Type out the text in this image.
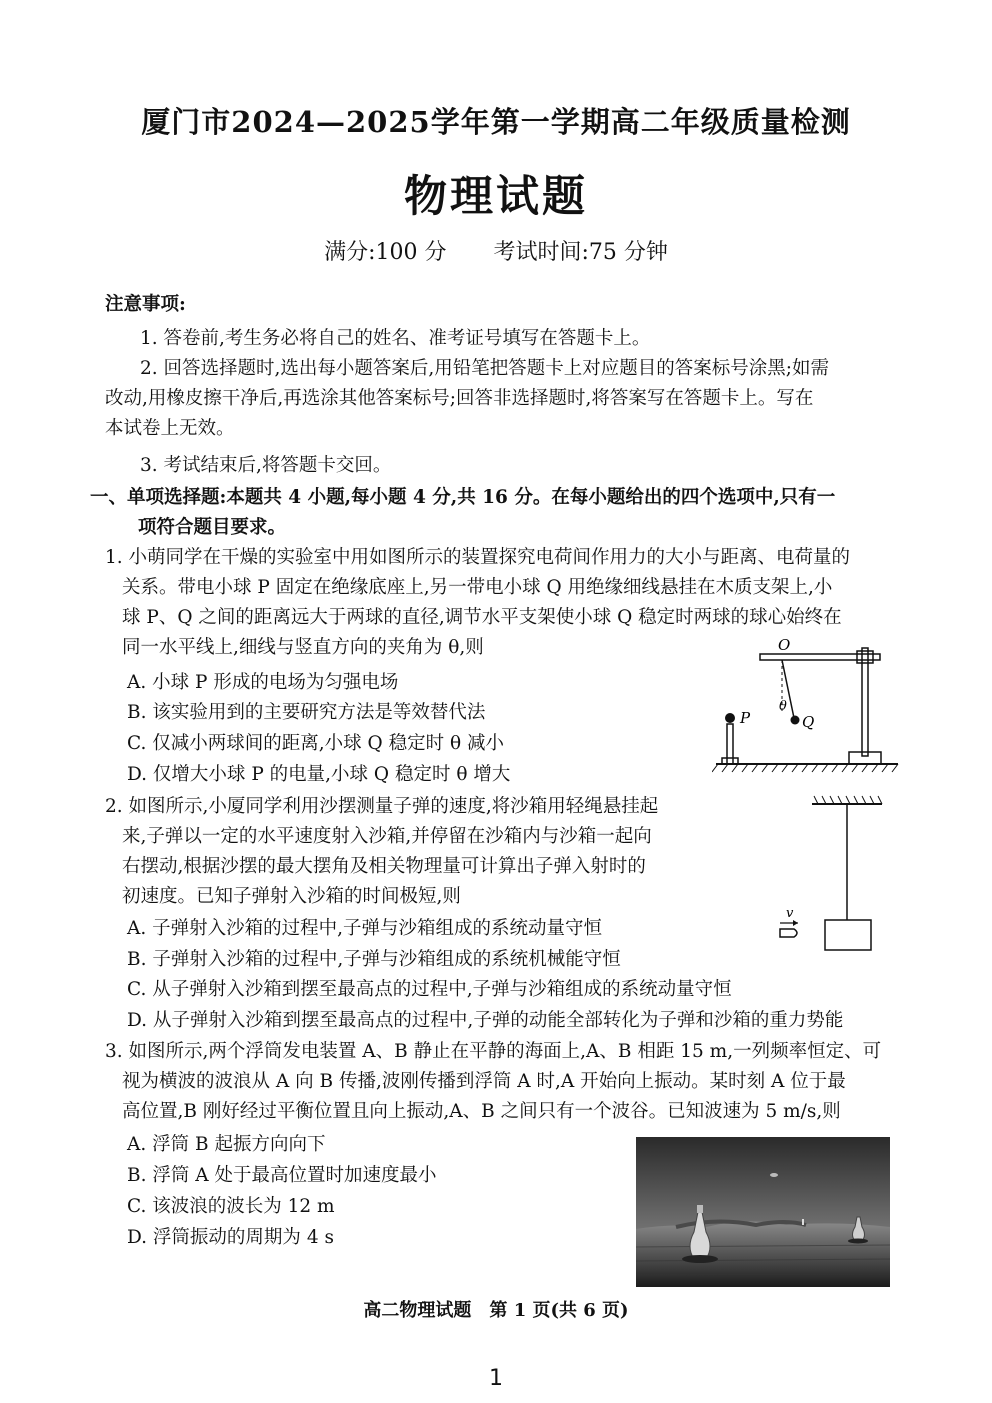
厦门市2024—2025学年第一学期高二年级质量检测
物理试题
满分:100 分 考试时间:75 分钟
注意事项:
1. 答卷前,考生务必将自己的姓名、准考证号填写在答题卡上。
2. 回答选择题时,选出每小题答案后,用铅笔把答题卡上对应题目的答案标号涂黑;如需
改动,用橡皮擦干净后,再选涂其他答案标号;回答非选择题时,将答案写在答题卡上。写在
本试卷上无效。
3. 考试结束后,将答题卡交回。
一、单项选择题:本题共 4 小题,每小题 4 分,共 16 分。在每小题给出的四个选项中,只有一
项符合题目要求。
1. 小萌同学在干燥的实验室中用如图所示的装置探究电荷间作用力的大小与距离、电荷量的
关系。带电小球 P 固定在绝缘底座上,另一带电小球 Q 用绝缘细线悬挂在木质支架上,小
球 P、Q 之间的距离远大于两球的直径,调节水平支架使小球 Q 稳定时两球的球心始终在
同一水平线上,细线与竖直方向的夹角为 θ,则
A. 小球 P 形成的电场为匀强电场
B. 该实验用到的主要研究方法是等效替代法
C. 仅减小两球间的距离,小球 Q 稳定时 θ 减小
D. 仅增大小球 P 的电量,小球 Q 稳定时 θ 增大
P
O
θ
Q
2. 如图所示,小厦同学利用沙摆测量子弹的速度,将沙箱用轻绳悬挂起
来,子弹以一定的水平速度射入沙箱,并停留在沙箱内与沙箱一起向
右摆动,根据沙摆的最大摆角及相关物理量可计算出子弹入射时的
初速度。已知子弹射入沙箱的时间极短,则
A. 子弹射入沙箱的过程中,子弹与沙箱组成的系统动量守恒
B. 子弹射入沙箱的过程中,子弹与沙箱组成的系统机械能守恒
C. 从子弹射入沙箱到摆至最高点的过程中,子弹与沙箱组成的系统动量守恒
D. 从子弹射入沙箱到摆至最高点的过程中,子弹的动能全部转化为子弹和沙箱的重力势能
v
3. 如图所示,两个浮筒发电装置 A、B 静止在平静的海面上,A、B 相距 15 m,一列频率恒定、可
视为横波的波浪从 A 向 B 传播,波刚传播到浮筒 A 时,A 开始向上振动。某时刻 A 位于最
高位置,B 刚好经过平衡位置且向上振动,A、B 之间只有一个波谷。已知波速为 5 m/s,则
A. 浮筒 B 起振方向向下
B. 浮筒 A 处于最高位置时加速度最小
C. 该波浪的波长为 12 m
D. 浮筒振动的周期为 4 s
高二物理试题　第 1 页(共 6 页)
1
